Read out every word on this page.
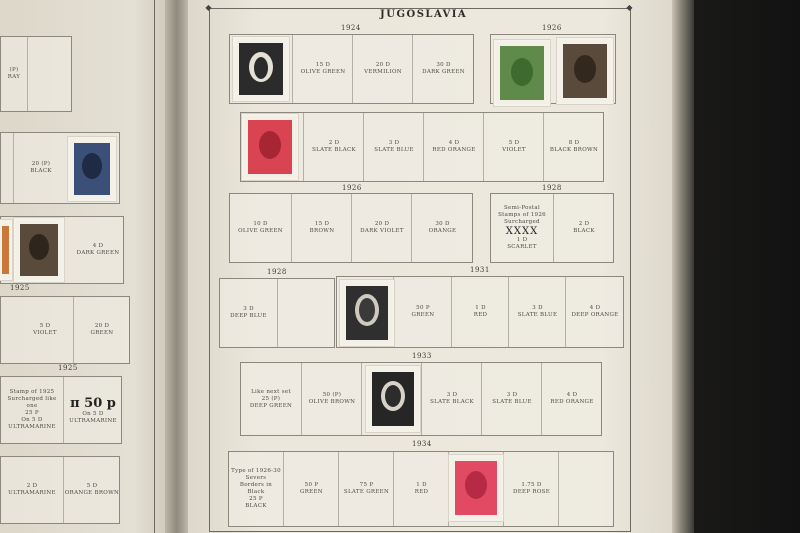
(P)
RAY
20 (P)
BLACK
4 D
DARK GREEN
1925
5 D
VIOLET
20 D
GREEN
1925
Stamp of 1925
Surcharged like one
25 P
On 5 D
ULTRAMARINE
п 50 р
On 5 D
ULTRAMARINE
2 D
ULTRAMARINE
5 D
ORANGE BROWN
◆	◆
JUGOSLAVIA
1924	1926
15 D
OLIVE GREEN
20 D
VERMILION
30 D
DARK GREEN
2 D
SLATE BLACK
3 D
SLATE BLUE
4 D
RED ORANGE
5 D
VIOLET
8 D
BLACK BROWN
1926	1928
10 D
OLIVE GREEN
15 D
BROWN
20 D
DARK VIOLET
30 D
ORANGE
Semi-Postal
Stamps of 1926
Surcharged
XXXX
1 D
SCARLET
2 D
BLACK
1928	1931
3 D
DEEP BLUE
50 P
GREEN
1 D
RED
3 D
SLATE BLUE
4 D
DEEP ORANGE
1933
Like next set
25 (P)
DEEP GREEN
50 (P)
OLIVE BROWN
3 D
SLATE BLACK
3 D
SLATE BLUE
4 D
RED ORANGE
1934
Type of 1926-30
Severs
Borders in
Black
25 P
BLACK
50 P
GREEN
75 P
SLATE GREEN
1 D
RED
1.75 D
DEEP ROSE
